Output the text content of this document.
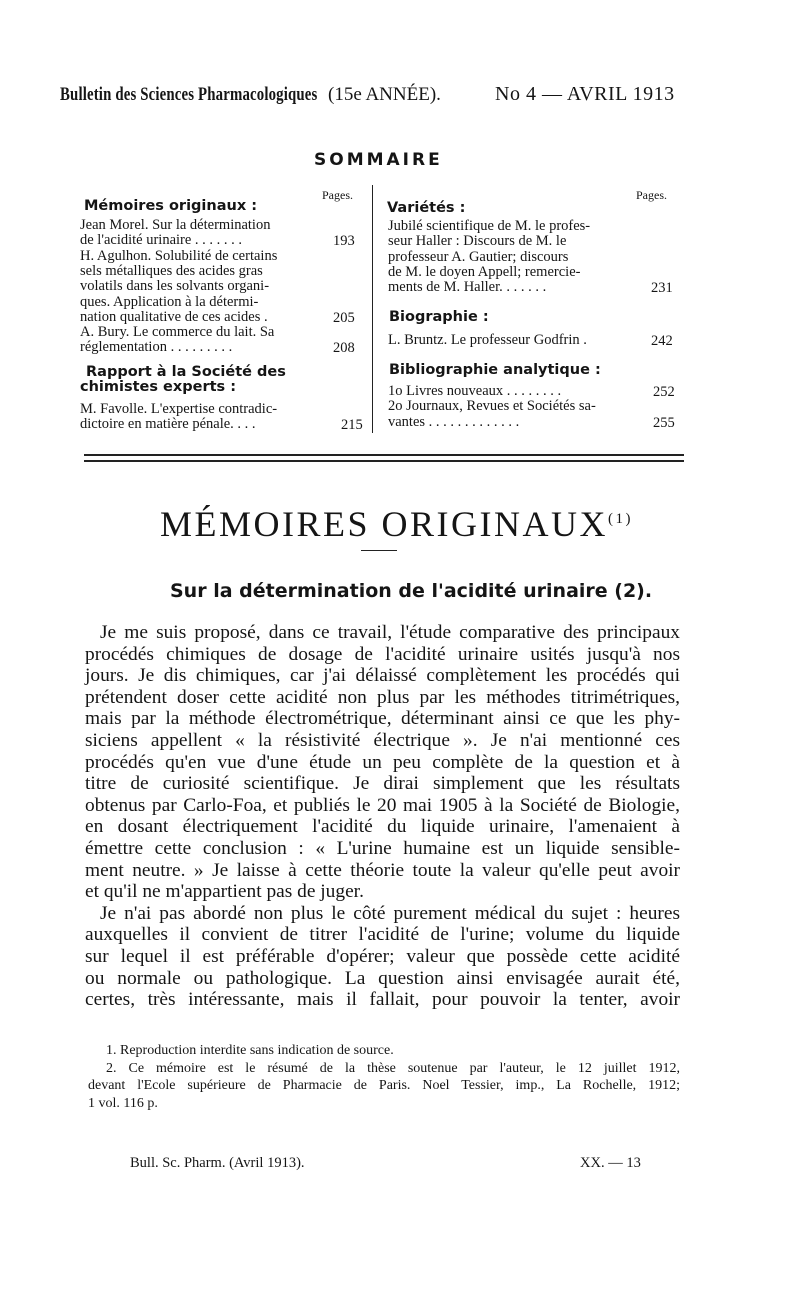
Bulletin des Sciences Pharmacologiques (15e ANNÉE).	No 4 — AVRIL 1913
SOMMAIRE
Pages.	Pages.
Mémoires originaux :
Jean Morel. Sur la détermination
de l'acidité urinaire . . . . . . .	193
H. Agulhon. Solubilité de certains
sels métalliques des acides gras
volatils dans les solvants organi-
ques. Application à la détermi-
nation qualitative de ces acides .	205
A. Bury. Le commerce du lait. Sa
réglementation . . . . . . . . .	208
Rapport à la Société des
chimistes experts :
M. Favolle. L'expertise contradic-
dictoire en matière pénale. . . .	215
Variétés :
Jubilé scientifique de M. le profes-
seur Haller : Discours de M. le
professeur A. Gautier; discours
de M. le doyen Appell; remercie-
ments de M. Haller. . . . . . .	231
Biographie :
L. Bruntz. Le professeur Godfrin .	242
Bibliographie analytique :
1o Livres nouveaux . . . . . . . .	252
2o Journaux, Revues et Sociétés sa-
vantes . . . . . . . . . . . . .	255
MÉMOIRES ORIGINAUX$^{(1)}$
Sur la détermination de l'acidité urinaire (2).
Je me suis proposé, dans ce travail, l'étude comparative des principaux
procédés chimiques de dosage de l'acidité urinaire usités jusqu'à nos
jours. Je dis chimiques, car j'ai délaissé complètement les procédés qui
prétendent doser cette acidité non plus par les méthodes titrimétriques,
mais par la méthode électrométrique, déterminant ainsi ce que les phy-
siciens appellent « la résistivité électrique ». Je n'ai mentionné ces
procédés qu'en vue d'une étude un peu complète de la question et à
titre de curiosité scientifique. Je dirai simplement que les résultats
obtenus par Carlo-Foa, et publiés le 20 mai 1905 à la Société de Biologie,
en dosant électriquement l'acidité du liquide urinaire, l'amenaient à
émettre cette conclusion : « L'urine humaine est un liquide sensible-
ment neutre. » Je laisse à cette théorie toute la valeur qu'elle peut avoir
et qu'il ne m'appartient pas de juger.
Je n'ai pas abordé non plus le côté purement médical du sujet : heures
auxquelles il convient de titrer l'acidité de l'urine; volume du liquide
sur lequel il est préférable d'opérer; valeur que possède cette acidité
ou normale ou pathologique. La question ainsi envisagée aurait été,
certes, très intéressante, mais il fallait, pour pouvoir la tenter, avoir
1. Reproduction interdite sans indication de source.
2. Ce mémoire est le résumé de la thèse soutenue par l'auteur, le 12 juillet 1912,
devant l'Ecole supérieure de Pharmacie de Paris. Noel Tessier, imp., La Rochelle, 1912;
1 vol. 116 p.
Bull. Sc. Pharm. (Avril 1913).	XX. — 13
